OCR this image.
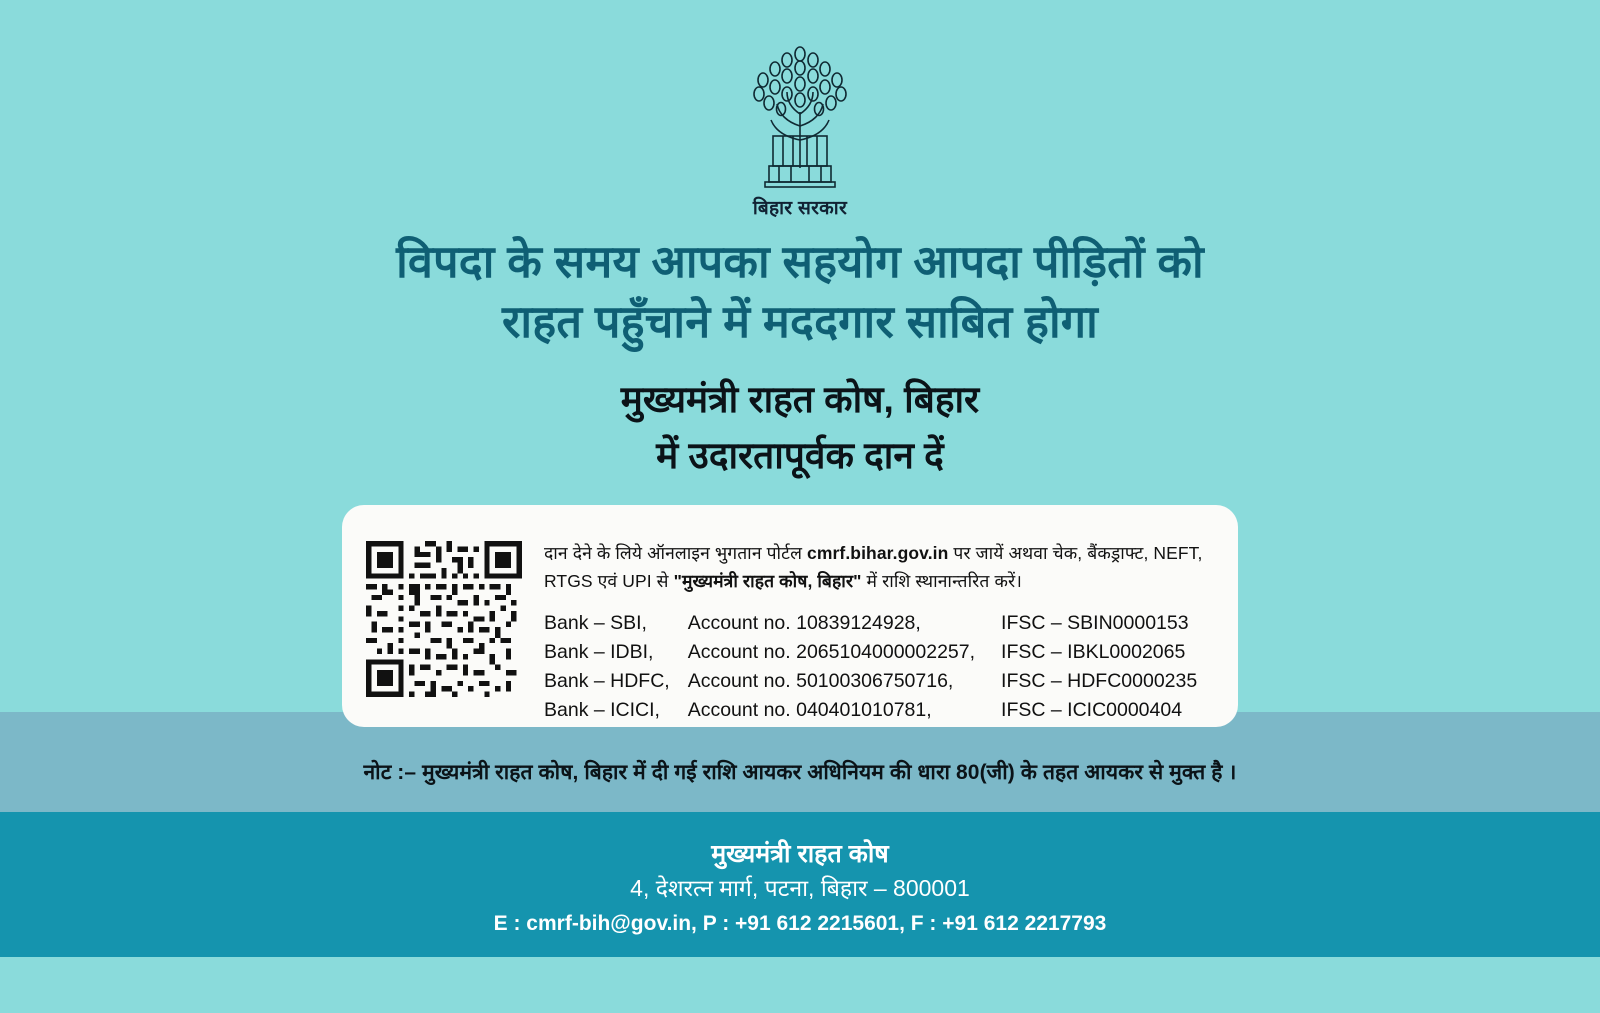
बिहार सरकार
विपदा के समय आपका सहयोग आपदा पीड़ितों को
राहत पहुँचाने में मददगार साबित होगा
मुख्यमंत्री राहत कोष, बिहार
में उदारतापूर्वक दान दें
दान देने के लिये ऑनलाइन भुगतान पोर्टल cmrf.bihar.gov.in पर जायें अथवा चेक, बैंकड्राफ्ट, NEFT, RTGS एवं UPI से "मुख्यमंत्री राहत कोष, बिहार" में राशि स्थानान्तरित करें।
Bank – SBI,	Account no. 10839124928,	IFSC – SBIN0000153
Bank – IDBI,	Account no. 2065104000002257,	IFSC – IBKL0002065
Bank – HDFC,	Account no. 50100306750716,	IFSC – HDFC0000235
Bank – ICICI,	Account no. 040401010781,	IFSC – ICIC0000404
नोट :– मुख्यमंत्री राहत कोष, बिहार में दी गई राशि आयकर अधिनियम की धारा 80(जी) के तहत आयकर से मुक्त है ।
मुख्यमंत्री राहत कोष
4, देशरत्न मार्ग, पटना, बिहार – 800001
E : cmrf-bih@gov.in, P : +91 612 2215601, F : +91 612 2217793
